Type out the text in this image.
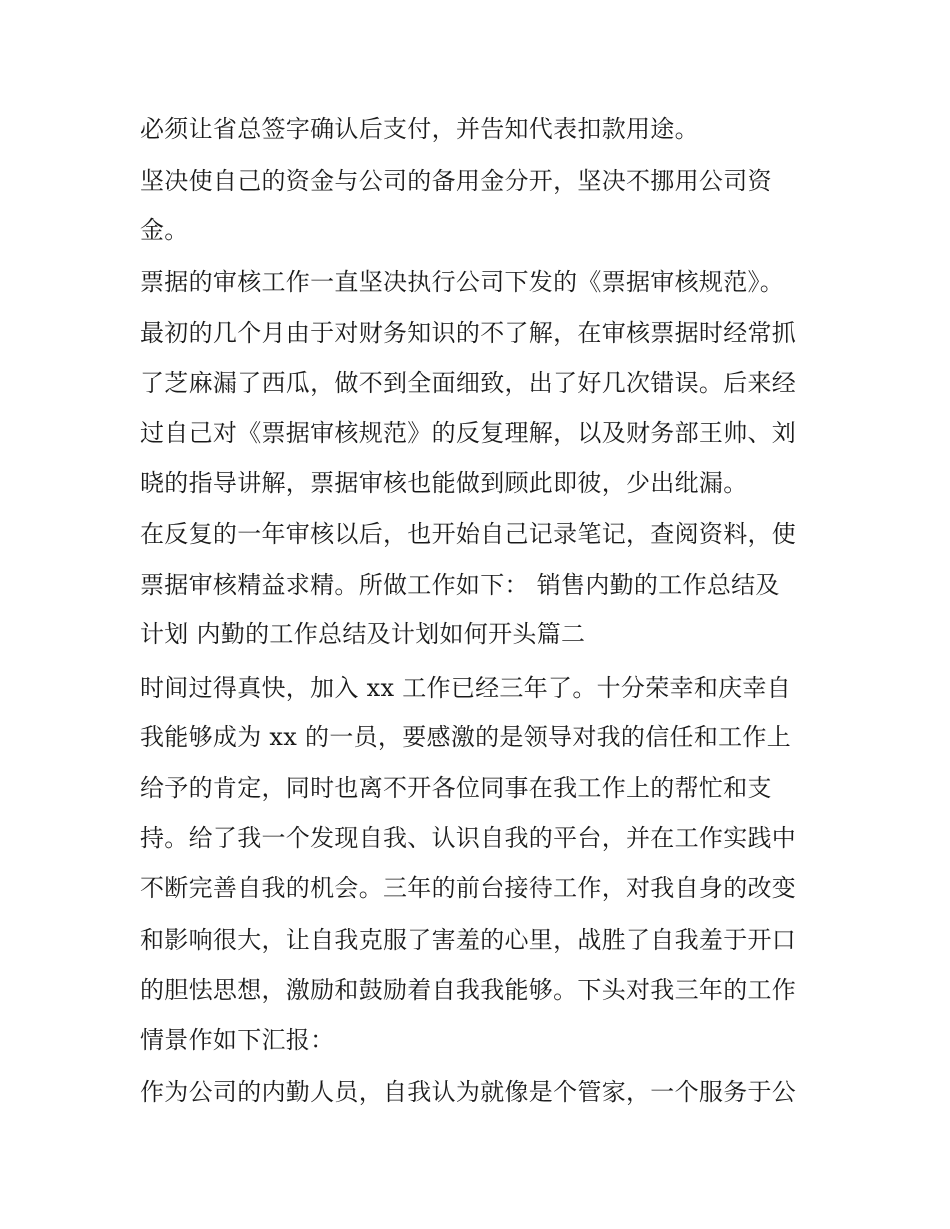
必须让省总签字确认后支付，并告知代表扣款用途。
坚决使自己的资金与公司的备用金分开，坚决不挪用公司资
金。
票据的审核工作一直坚决执行公司下发的《票据审核规范》。
最初的几个月由于对财务知识的不了解，在审核票据时经常抓
了芝麻漏了西瓜，做不到全面细致，出了好几次错误。后来经
过自己对《票据审核规范》的反复理解，以及财务部王帅、刘
晓的指导讲解，票据审核也能做到顾此即彼，少出纰漏。
在反复的一年审核以后，也开始自己记录笔记，查阅资料，使
票据审核精益求精。所做工作如下： 销售内勤的工作总结及
计划 内勤的工作总结及计划如何开头篇二
时间过得真快，加入 xx 工作已经三年了。十分荣幸和庆幸自
我能够成为 xx 的一员，要感激的是领导对我的信任和工作上
给予的肯定，同时也离不开各位同事在我工作上的帮忙和支
持。给了我一个发现自我、认识自我的平台，并在工作实践中
不断完善自我的机会。三年的前台接待工作，对我自身的改变
和影响很大，让自我克服了害羞的心里，战胜了自我羞于开口
的胆怯思想，激励和鼓励着自我我能够。下头对我三年的工作
情景作如下汇报：
作为公司的内勤人员，自我认为就像是个管家，一个服务于公
